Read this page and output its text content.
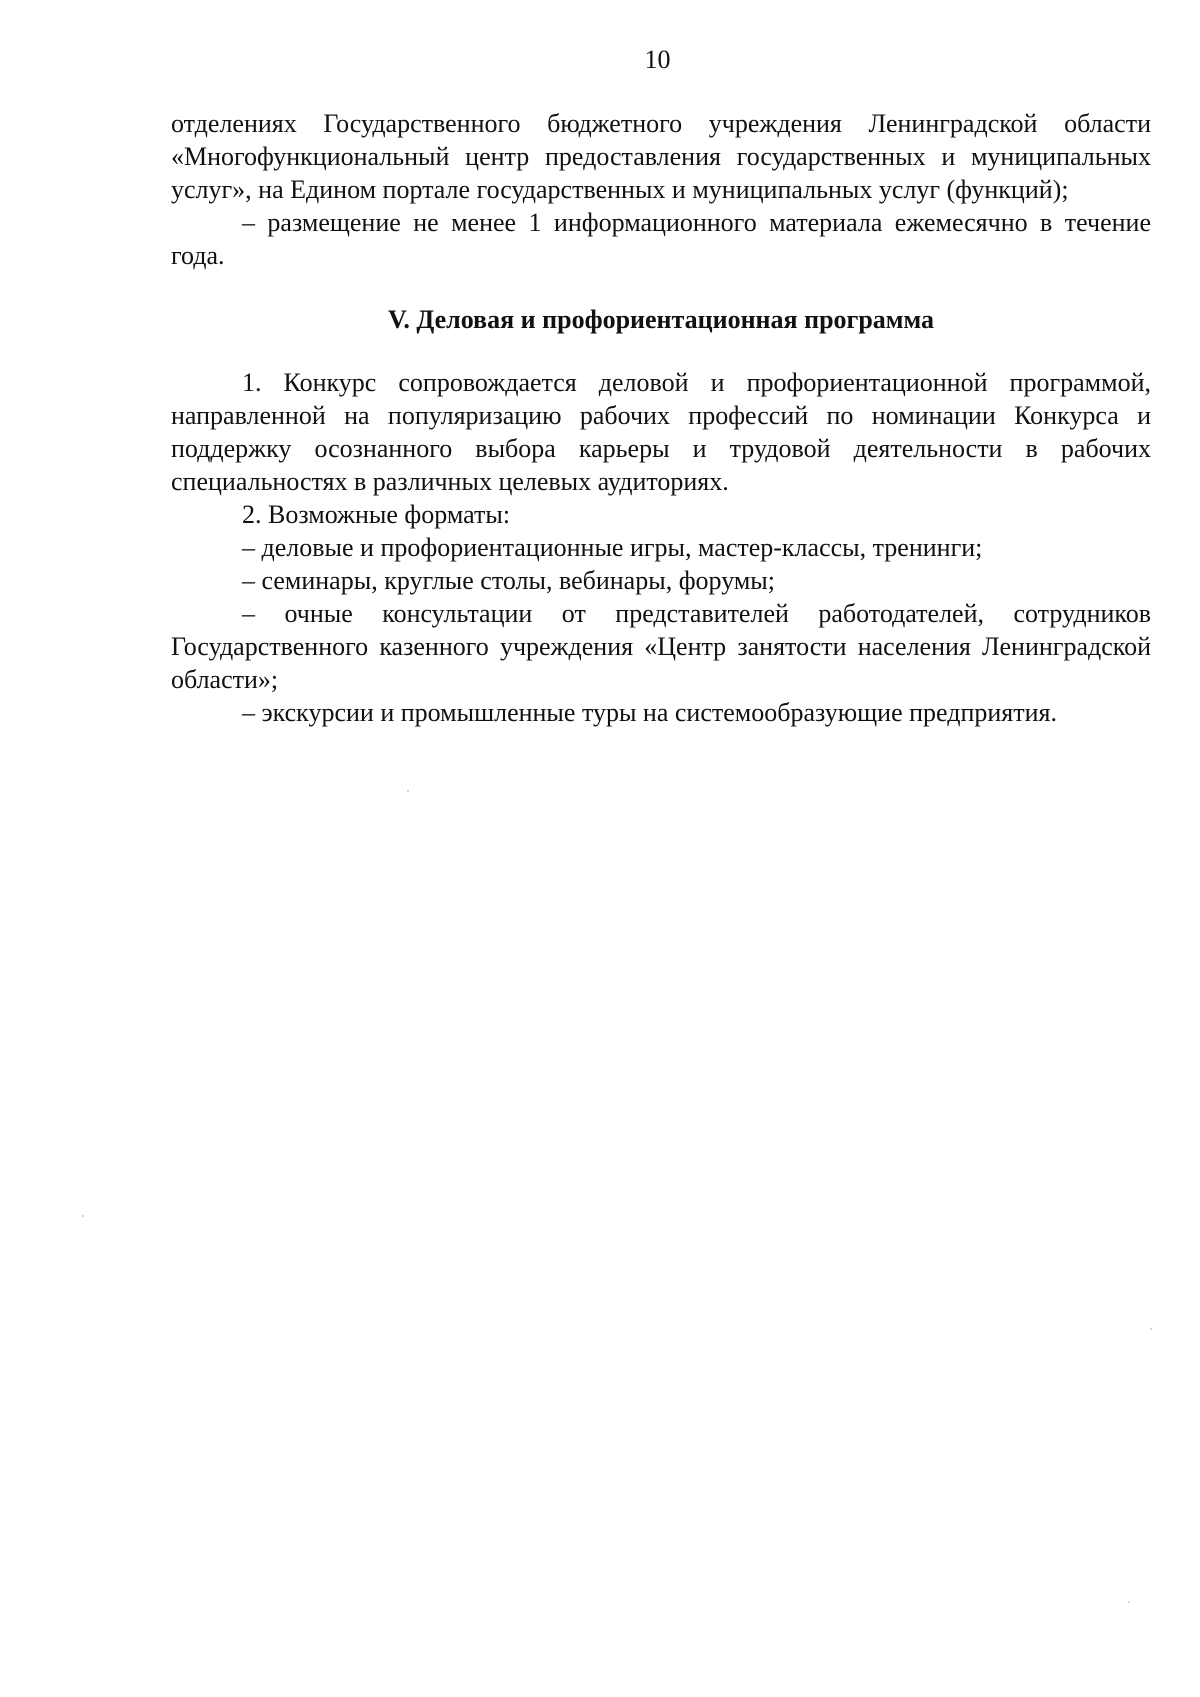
10

отделениях Государственного бюджетного учреждения Ленинградской области «Многофункциональный центр предоставления государственных и муниципальных услуг», на Едином портале государственных и муниципальных услуг (функций);

– размещение не менее 1 информационного материала ежемесячно в течение года.

V. Деловая и профориентационная программа

1. Конкурс сопровождается деловой и профориентационной программой, направленной на популяризацию рабочих профессий по номинации Конкурса и поддержку осознанного выбора карьеры и трудовой деятельности в рабочих специальностях в различных целевых аудиториях.

2. Возможные форматы:

– деловые и профориентационные игры, мастер-классы, тренинги;

– семинары, круглые столы, вебинары, форумы;

– очные консультации от представителей работодателей, сотрудников Государственного казенного учреждения «Центр занятости населения Ленинградской области»;

– экскурсии и промышленные туры на системообразующие предприятия.
